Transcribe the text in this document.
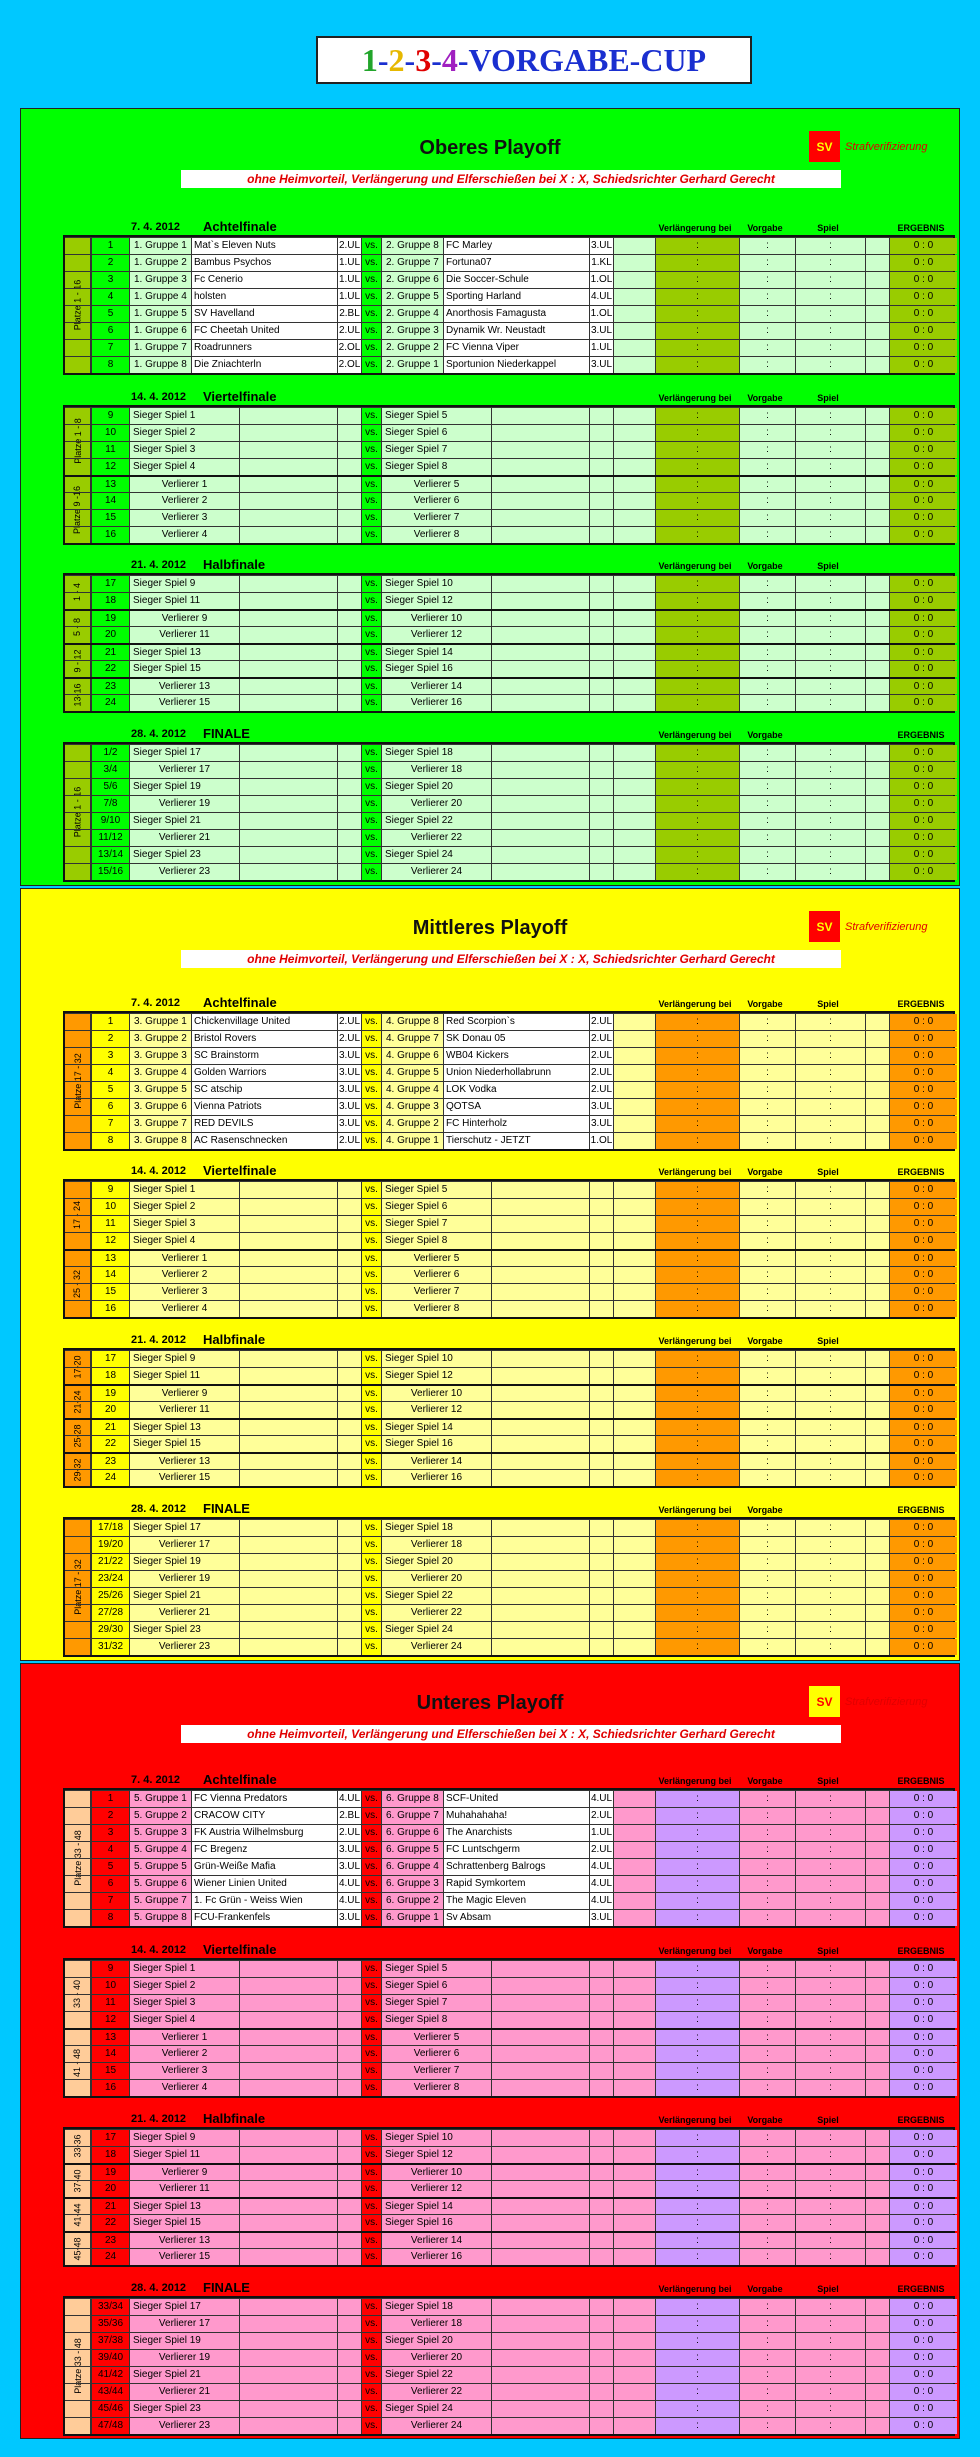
1 - 2 - 3 - 4 -VORGABE-CUP
Oberes Playoff	SV	Strafverifizierung
ohne Heimvorteil, Verlängerung und Elferschießen bei X : X, Schiedsrichter Gerhard Gerecht
7. 4. 2012 Achtelfinale	Verlängerung bei	Vorgabe	Spiel	ERGEBNIS
Platze 1 - 16
1	1. Gruppe 1 Mat`s Eleven Nuts	2.UL vs. 2. Gruppe 8 FC Marley	3.UL	:	:	:	0 : 0
2	1. Gruppe 2 Bambus Psychos	1.UL vs. 2. Gruppe 7 Fortuna07	1.KL	:	:	:	0 : 0
3	1. Gruppe 3 Fc Cenerio	1.UL vs. 2. Gruppe 6 Die Soccer-Schule	1.OL	:	:	:	0 : 0
4	1. Gruppe 4 holsten	1.UL vs. 2. Gruppe 5 Sporting Harland	4.UL	:	:	:	0 : 0
5	1. Gruppe 5 SV Havelland	2.BL vs. 2. Gruppe 4 Anorthosis Famagusta	1.OL	:	:	:	0 : 0
6	1. Gruppe 6 FC Cheetah United	2.UL vs. 2. Gruppe 3 Dynamik Wr. Neustadt	3.UL	:	:	:	0 : 0
7	1. Gruppe 7 Roadrunners	2.OL vs. 2. Gruppe 2 FC Vienna Viper	1.UL	:	:	:	0 : 0
8	1. Gruppe 8 Die Zniachterln	2.OL vs. 2. Gruppe 1 Sportunion Niederkappel	3.UL	:	:	:	0 : 0
14. 4. 2012 Viertelfinale	Verlängerung bei	Vorgabe	Spiel
Platze 1 - 8
Platze 9 -16
9	Sieger Spiel 1	vs. Sieger Spiel 5	:	:	:	0 : 0
10	Sieger Spiel 2	vs. Sieger Spiel 6	:	:	:	0 : 0
11	Sieger Spiel 3	vs. Sieger Spiel 7	:	:	:	0 : 0
12	Sieger Spiel 4	vs. Sieger Spiel 8	:	:	:	0 : 0
13	Verlierer 1	vs.	Verlierer 5	:	:	:	0 : 0
14	Verlierer 2	vs.	Verlierer 6	:	:	:	0 : 0
15	Verlierer 3	vs.	Verlierer 7	:	:	:	0 : 0
16	Verlierer 4	vs.	Verlierer 8	:	:	:	0 : 0
21. 4. 2012 Halbfinale	Verlängerung bei	Vorgabe	Spiel
1 - 4
5 - 8
9 - 12
13-16
17	Sieger Spiel 9	vs. Sieger Spiel 10	:	:	:	0 : 0
18	Sieger Spiel 11	vs. Sieger Spiel 12	:	:	:	0 : 0
19	Verlierer 9	vs.	Verlierer 10	:	:	:	0 : 0
20	Verlierer 11	vs.	Verlierer 12	:	:	:	0 : 0
21	Sieger Spiel 13	vs. Sieger Spiel 14	:	:	:	0 : 0
22	Sieger Spiel 15	vs. Sieger Spiel 16	:	:	:	0 : 0
23	Verlierer 13	vs.	Verlierer 14	:	:	:	0 : 0
24	Verlierer 15	vs.	Verlierer 16	:	:	:	0 : 0
28. 4. 2012 FINALE	Verlängerung bei	Vorgabe	ERGEBNIS
Platze 1 - 16
1/2	Sieger Spiel 17	vs. Sieger Spiel 18	:	:	:	0 : 0
3/4	Verlierer 17	vs.	Verlierer 18	:	:	:	0 : 0
5/6	Sieger Spiel 19	vs. Sieger Spiel 20	:	:	:	0 : 0
7/8	Verlierer 19	vs.	Verlierer 20	:	:	:	0 : 0
9/10	Sieger Spiel 21	vs. Sieger Spiel 22	:	:	:	0 : 0
11/12	Verlierer 21	vs.	Verlierer 22	:	:	:	0 : 0
13/14 Sieger Spiel 23	vs. Sieger Spiel 24	:	:	:	0 : 0
15/16	Verlierer 23	vs.	Verlierer 24	:	:	:	0 : 0
Mittleres Playoff	SV	Strafverifizierung
ohne Heimvorteil, Verlängerung und Elferschießen bei X : X, Schiedsrichter Gerhard Gerecht
7. 4. 2012 Achtelfinale	Verlängerung bei	Vorgabe	Spiel	ERGEBNIS
Platze 17 - 32
1	3. Gruppe 1 Chickenvillage United	2.UL vs. 4. Gruppe 8 Red Scorpion`s	2.UL	:	:	:	0 : 0
2	3. Gruppe 2 Bristol Rovers	2.UL vs. 4. Gruppe 7 SK Donau 05	2.UL	:	:	:	0 : 0
3	3. Gruppe 3 SC Brainstorm	3.UL vs. 4. Gruppe 6 WB04 Kickers	2.UL	:	:	:	0 : 0
4	3. Gruppe 4 Golden Warriors	3.UL vs. 4. Gruppe 5 Union Niederhollabrunn	2.UL	:	:	:	0 : 0
5	3. Gruppe 5 SC atschip	3.UL vs. 4. Gruppe 4 LOK Vodka	2.UL	:	:	:	0 : 0
6	3. Gruppe 6 Vienna Patriots	3.UL vs. 4. Gruppe 3 QOTSA	3.UL	:	:	:	0 : 0
7	3. Gruppe 7 RED DEVILS	3.UL vs. 4. Gruppe 2 FC Hinterholz	3.UL	:	:	:	0 : 0
8	3. Gruppe 8 AC Rasenschnecken	2.UL vs. 4. Gruppe 1 Tierschutz - JETZT	1.OL	:	:	:	0 : 0
14. 4. 2012 Viertelfinale	Verlängerung bei	Vorgabe	Spiel	ERGEBNIS
17 - 24
25 - 32
9	Sieger Spiel 1	vs. Sieger Spiel 5	:	:	:	0 : 0
10	Sieger Spiel 2	vs. Sieger Spiel 6	:	:	:	0 : 0
11	Sieger Spiel 3	vs. Sieger Spiel 7	:	:	:	0 : 0
12	Sieger Spiel 4	vs. Sieger Spiel 8	:	:	:	0 : 0
13	Verlierer 1	vs.	Verlierer 5	:	:	:	0 : 0
14	Verlierer 2	vs.	Verlierer 6	:	:	:	0 : 0
15	Verlierer 3	vs.	Verlierer 7	:	:	:	0 : 0
16	Verlierer 4	vs.	Verlierer 8	:	:	:	0 : 0
21. 4. 2012 Halbfinale	Verlängerung bei	Vorgabe	Spiel
17-20
21-24
25-28
29-32
17	Sieger Spiel 9	vs. Sieger Spiel 10	:	:	:	0 : 0
18	Sieger Spiel 11	vs. Sieger Spiel 12	:	:	:	0 : 0
19	Verlierer 9	vs.	Verlierer 10	:	:	:	0 : 0
20	Verlierer 11	vs.	Verlierer 12	:	:	:	0 : 0
21	Sieger Spiel 13	vs. Sieger Spiel 14	:	:	:	0 : 0
22	Sieger Spiel 15	vs. Sieger Spiel 16	:	:	:	0 : 0
23	Verlierer 13	vs.	Verlierer 14	:	:	:	0 : 0
24	Verlierer 15	vs.	Verlierer 16	:	:	:	0 : 0
28. 4. 2012 FINALE	Verlängerung bei	Vorgabe	ERGEBNIS
Platze 17 - 32
17/18 Sieger Spiel 17	vs. Sieger Spiel 18	:	:	:	0 : 0
19/20	Verlierer 17	vs.	Verlierer 18	:	:	:	0 : 0
21/22 Sieger Spiel 19	vs. Sieger Spiel 20	:	:	:	0 : 0
23/24	Verlierer 19	vs.	Verlierer 20	:	:	:	0 : 0
25/26 Sieger Spiel 21	vs. Sieger Spiel 22	:	:	:	0 : 0
27/28	Verlierer 21	vs.	Verlierer 22	:	:	:	0 : 0
29/30 Sieger Spiel 23	vs. Sieger Spiel 24	:	:	:	0 : 0
31/32	Verlierer 23	vs.	Verlierer 24	:	:	:	0 : 0
Unteres Playoff	SV	Strafverifizierung
ohne Heimvorteil, Verlängerung und Elferschießen bei X : X, Schiedsrichter Gerhard Gerecht
7. 4. 2012 Achtelfinale	Verlängerung bei	Vorgabe	Spiel	ERGEBNIS
Platze 33 - 48
1	5. Gruppe 1 FC Vienna Predators	4.UL vs. 6. Gruppe 8 SCF-United	4.UL	:	:	:	0 : 0
2	5. Gruppe 2 CRACOW CITY	2.BL vs. 6. Gruppe 7 Muhahahaha!	2.UL	:	:	:	0 : 0
3	5. Gruppe 3 FK Austria Wilhelmsburg	2.UL vs. 6. Gruppe 6 The Anarchists	1.UL	:	:	:	0 : 0
4	5. Gruppe 4 FC Bregenz	3.UL vs. 6. Gruppe 5 FC Luntschgerm	2.UL	:	:	:	0 : 0
5	5. Gruppe 5 Grün-Weiße Mafia	3.UL vs. 6. Gruppe 4 Schrattenberg Balrogs	4.UL	:	:	:	0 : 0
6	5. Gruppe 6 Wiener Linien United	4.UL vs. 6. Gruppe 3 Rapid Symkortem	4.UL	:	:	:	0 : 0
7	5. Gruppe 7 1. Fc Grün - Weiss Wien	4.UL vs. 6. Gruppe 2 The Magic Eleven	4.UL	:	:	:	0 : 0
8	5. Gruppe 8 FCU-Frankenfels	3.UL vs. 6. Gruppe 1 Sv Absam	3.UL	:	:	:	0 : 0
14. 4. 2012 Viertelfinale	Verlängerung bei	Vorgabe	Spiel	ERGEBNIS
33 - 40
41 - 48
9	Sieger Spiel 1	vs. Sieger Spiel 5	:	:	:	0 : 0
10	Sieger Spiel 2	vs. Sieger Spiel 6	:	:	:	0 : 0
11	Sieger Spiel 3	vs. Sieger Spiel 7	:	:	:	0 : 0
12	Sieger Spiel 4	vs. Sieger Spiel 8	:	:	:	0 : 0
13	Verlierer 1	vs.	Verlierer 5	:	:	:	0 : 0
14	Verlierer 2	vs.	Verlierer 6	:	:	:	0 : 0
15	Verlierer 3	vs.	Verlierer 7	:	:	:	0 : 0
16	Verlierer 4	vs.	Verlierer 8	:	:	:	0 : 0
21. 4. 2012 Halbfinale	Verlängerung bei	Vorgabe	Spiel	ERGEBNIS
33-36
37-40
41-44
45-48
17	Sieger Spiel 9	vs. Sieger Spiel 10	:	:	:	0 : 0
18	Sieger Spiel 11	vs. Sieger Spiel 12	:	:	:	0 : 0
19	Verlierer 9	vs.	Verlierer 10	:	:	:	0 : 0
20	Verlierer 11	vs.	Verlierer 12	:	:	:	0 : 0
21	Sieger Spiel 13	vs. Sieger Spiel 14	:	:	:	0 : 0
22	Sieger Spiel 15	vs. Sieger Spiel 16	:	:	:	0 : 0
23	Verlierer 13	vs.	Verlierer 14	:	:	:	0 : 0
24	Verlierer 15	vs.	Verlierer 16	:	:	:	0 : 0
28. 4. 2012 FINALE	Verlängerung bei	Vorgabe	Spiel	ERGEBNIS
Platze 33 - 48
33/34 Sieger Spiel 17	vs. Sieger Spiel 18	:	:	:	0 : 0
35/36	Verlierer 17	vs.	Verlierer 18	:	:	:	0 : 0
37/38 Sieger Spiel 19	vs. Sieger Spiel 20	:	:	:	0 : 0
39/40	Verlierer 19	vs.	Verlierer 20	:	:	:	0 : 0
41/42 Sieger Spiel 21	vs. Sieger Spiel 22	:	:	:	0 : 0
43/44	Verlierer 21	vs.	Verlierer 22	:	:	:	0 : 0
45/46 Sieger Spiel 23	vs. Sieger Spiel 24	:	:	:	0 : 0
47/48	Verlierer 23	vs.	Verlierer 24	:	:	:	0 : 0
